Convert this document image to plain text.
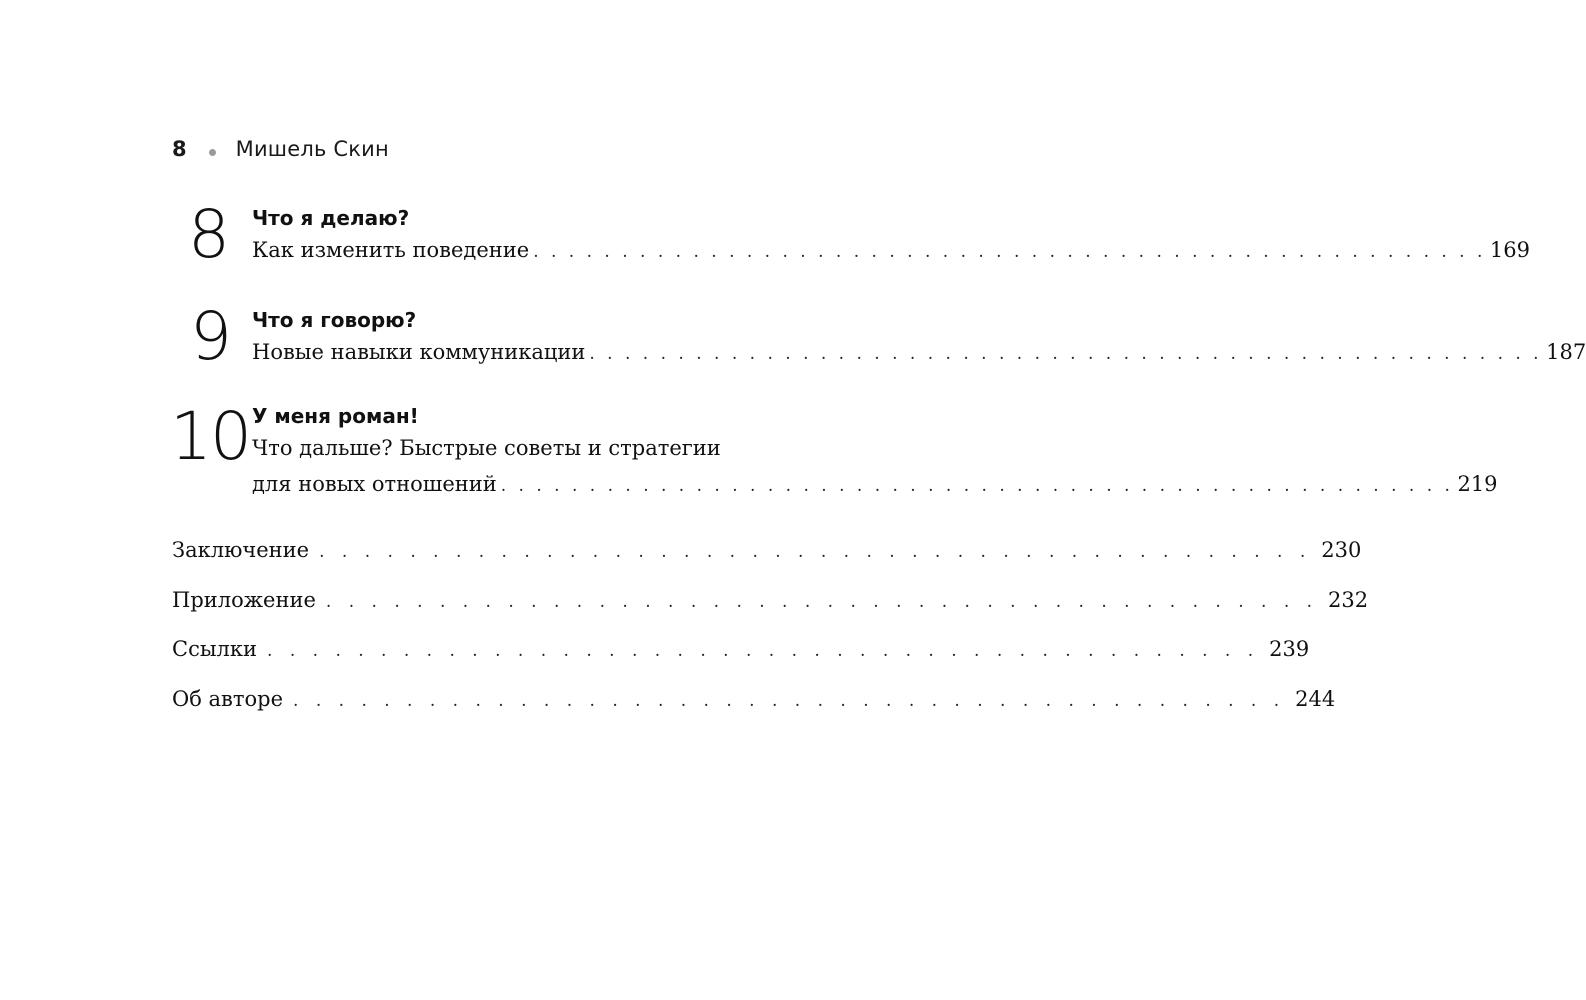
8 Мишель Скин
8 Что я делаю?
Как изменить поведение . . . . . . . . . . . . . . . . . . . . . . . . . . . . . . . . . . . . . . . . . . . . . . . . . . . . . . 169
9 Что я говорю?
Новые навыки коммуникации . . . . . . . . . . . . . . . . . . . . . . . . . . . . . . . . . . . . . . . . . . . . . . . . . . . . . . 187
10 У меня роман!
Что дальше? Быстрые советы и стратегии
для новых отношений . . . . . . . . . . . . . . . . . . . . . . . . . . . . . . . . . . . . . . . . . . . . . . . . . . . . . . 219
Заключение . . . . . . . . . . . . . . . . . . . . . . . . . . . . . . . . . . . . . . . . . . . . 230
Приложение . . . . . . . . . . . . . . . . . . . . . . . . . . . . . . . . . . . . . . . . . . . . 232
Ссылки . . . . . . . . . . . . . . . . . . . . . . . . . . . . . . . . . . . . . . . . . . . . 239
Об авторе . . . . . . . . . . . . . . . . . . . . . . . . . . . . . . . . . . . . . . . . . . . . 244
